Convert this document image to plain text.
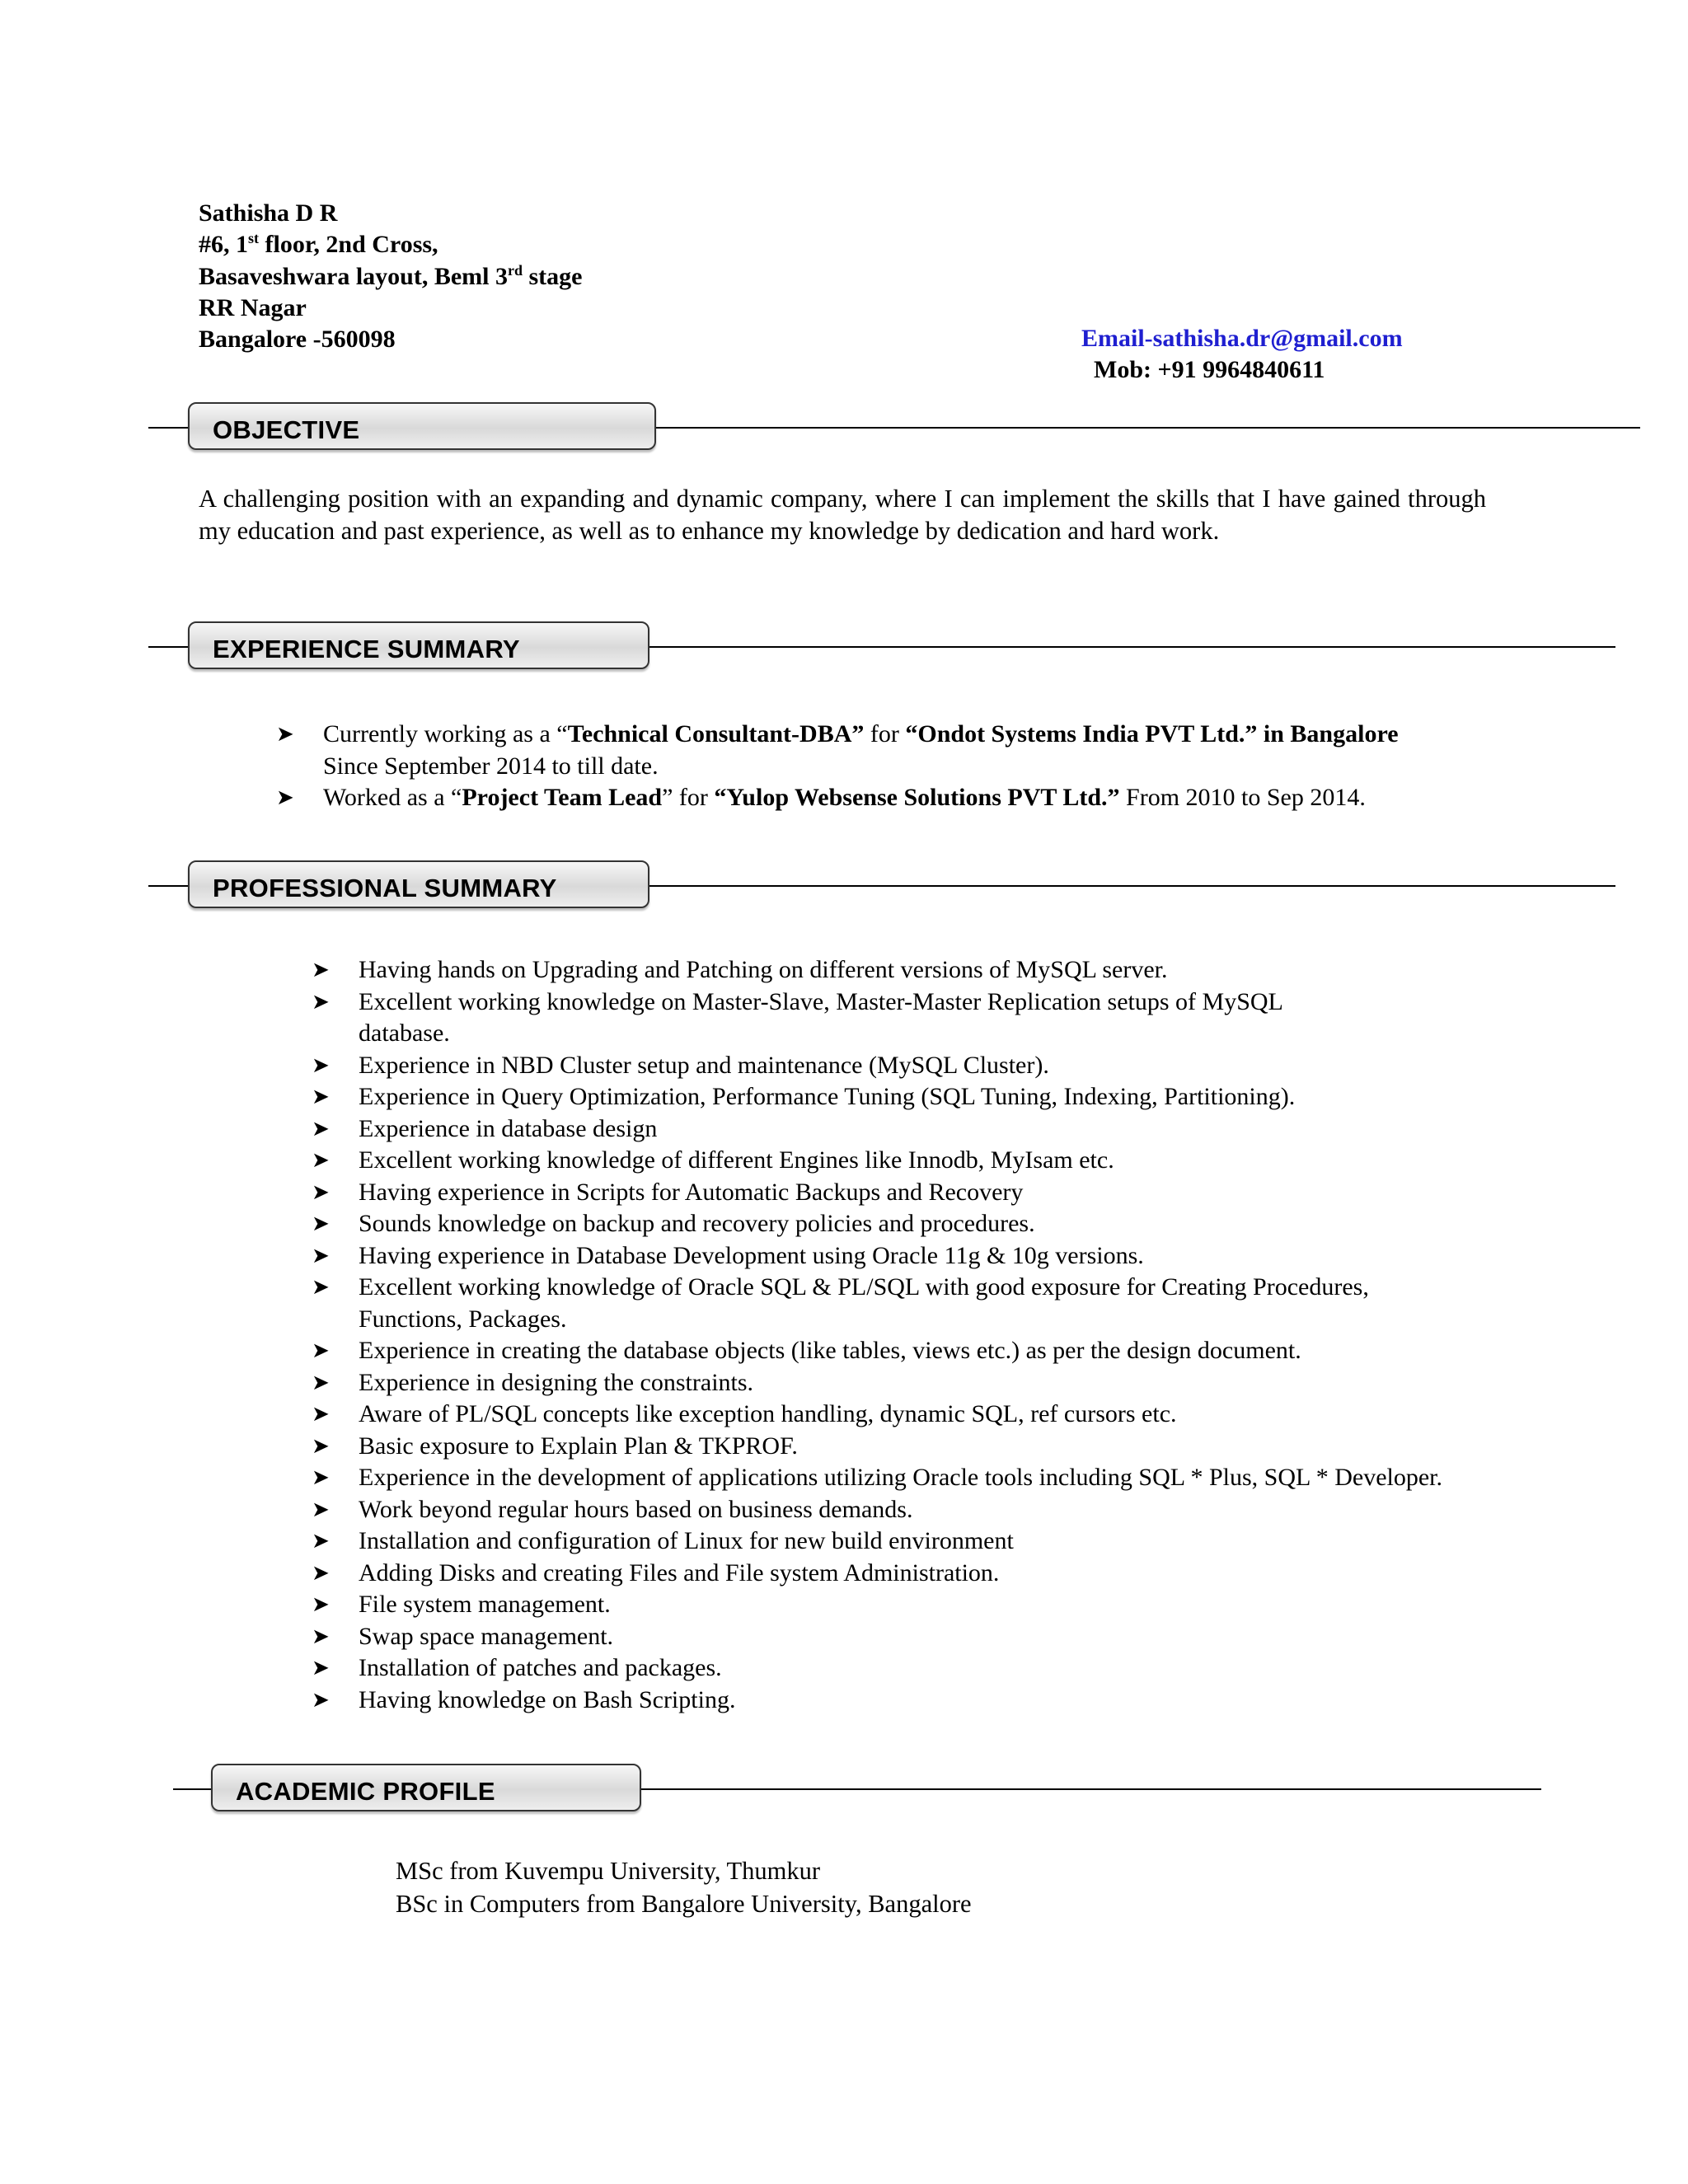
Sathisha D R
#6, 1st floor, 2nd Cross,
Basaveshwara layout, Beml 3rd stage
RR Nagar
Bangalore -560098	Email-sathisha.dr@gmail.com
Mob: +91 9964840611
OBJECTIVE
A challenging position with an expanding and dynamic company, where I can implement the skills that I have gained through my education and past experience, as well as to enhance my knowledge by dedication and hard work.
EXPERIENCE SUMMARY
➤ Currently working as a “Technical Consultant-DBA” for “Ondot Systems India PVT Ltd.” in Bangalore
Since September 2014 to till date.
➤ Worked as a “Project Team Lead” for “Yulop Websense Solutions PVT Ltd.” From 2010 to Sep 2014.
PROFESSIONAL SUMMARY
➤ Having hands on Upgrading and Patching on different versions of MySQL server.
➤ Excellent working knowledge on Master-Slave, Master-Master Replication setups of MySQL
database.
➤ Experience in NBD Cluster setup and maintenance (MySQL Cluster).
➤ Experience in Query Optimization, Performance Tuning (SQL Tuning, Indexing, Partitioning).
➤ Experience in database design
➤ Excellent working knowledge of different Engines like Innodb, MyIsam etc.
➤ Having experience in Scripts for Automatic Backups and Recovery
➤ Sounds knowledge on backup and recovery policies and procedures.
➤ Having experience in Database Development using Oracle 11g & 10g versions.
➤ Excellent working knowledge of Oracle SQL & PL/SQL with good exposure for Creating Procedures,
Functions, Packages.
➤ Experience in creating the database objects (like tables, views etc.) as per the design document.
➤ Experience in designing the constraints.
➤ Aware of PL/SQL concepts like exception handling, dynamic SQL, ref cursors etc.
➤ Basic exposure to Explain Plan & TKPROF.
➤ Experience in the development of applications utilizing Oracle tools including SQL * Plus, SQL * Developer.
➤ Work beyond regular hours based on business demands.
➤ Installation and configuration of Linux for new build environment
➤ Adding Disks and creating Files and File system Administration.
➤ File system management.
➤ Swap space management.
➤ Installation of patches and packages.
➤ Having knowledge on Bash Scripting.
ACADEMIC PROFILE
MSc from Kuvempu University, Thumkur
BSc in Computers from Bangalore University, Bangalore
